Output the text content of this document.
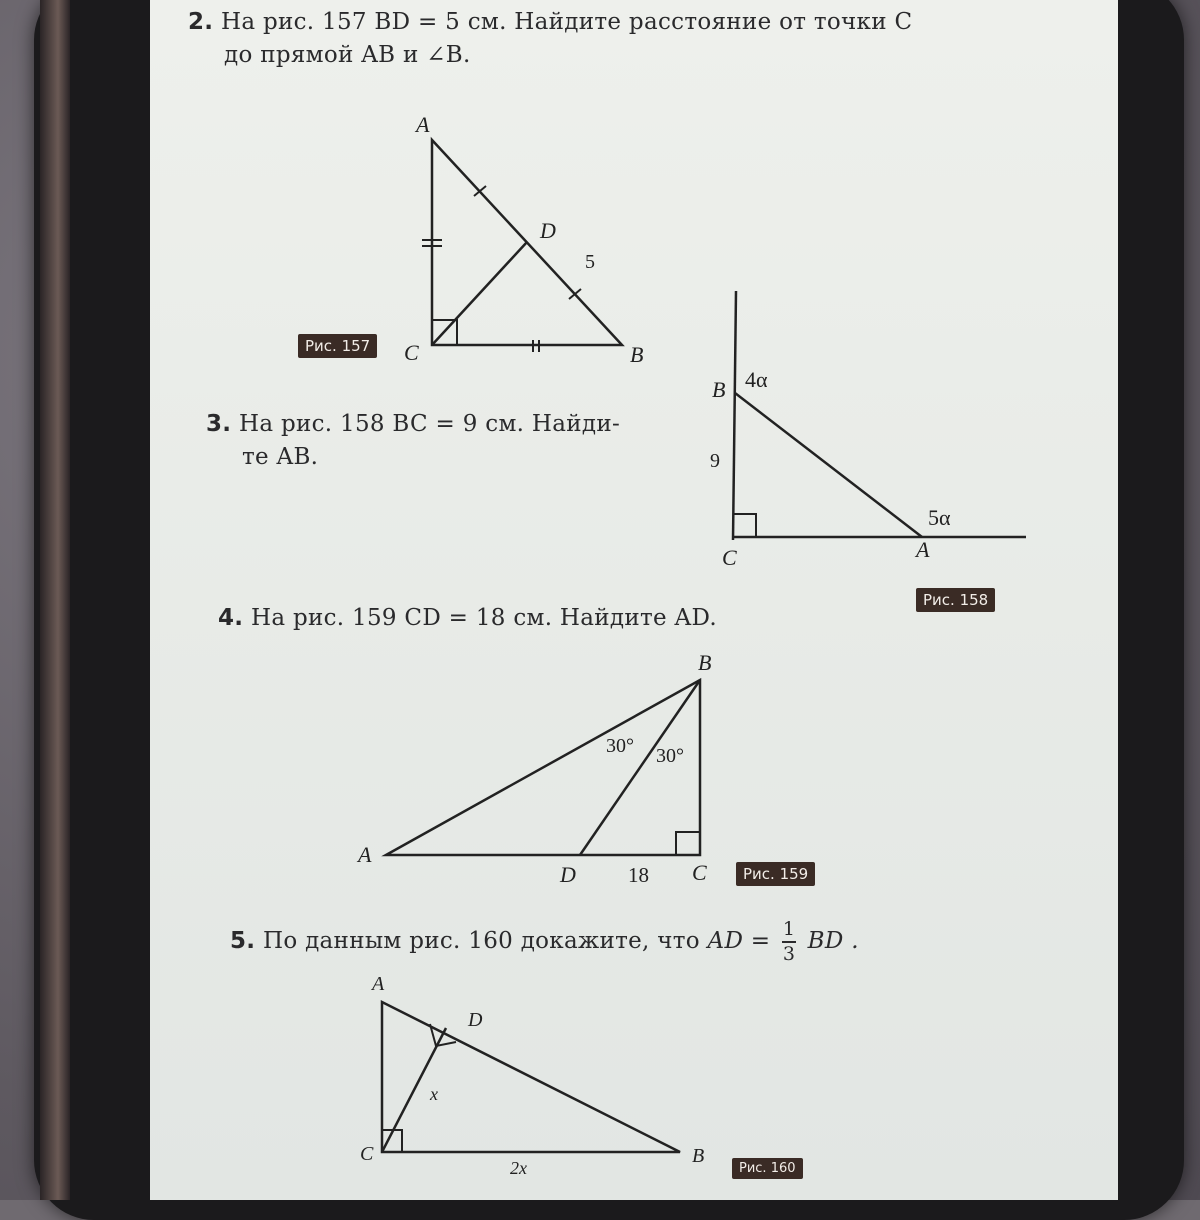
2. На рис. 157 BD = 5 см. Найдите расстояние от точки C
до прямой AB и ∠B.
A
C	B
D
5
Рис. 157
3. На рис. 158 BC = 9 см. Найди-
те AB.
B 4α
9
C	A
5α
Рис. 158
4. На рис. 159 CD = 18 см. Найдите AD.
B
A
D 18 C
30° 30°
Рис. 159
5. По данным рис. 160 докажите, что AD = $\frac{1}{3}$ BD .
A
D
x
C
2x
B
Рис. 160
